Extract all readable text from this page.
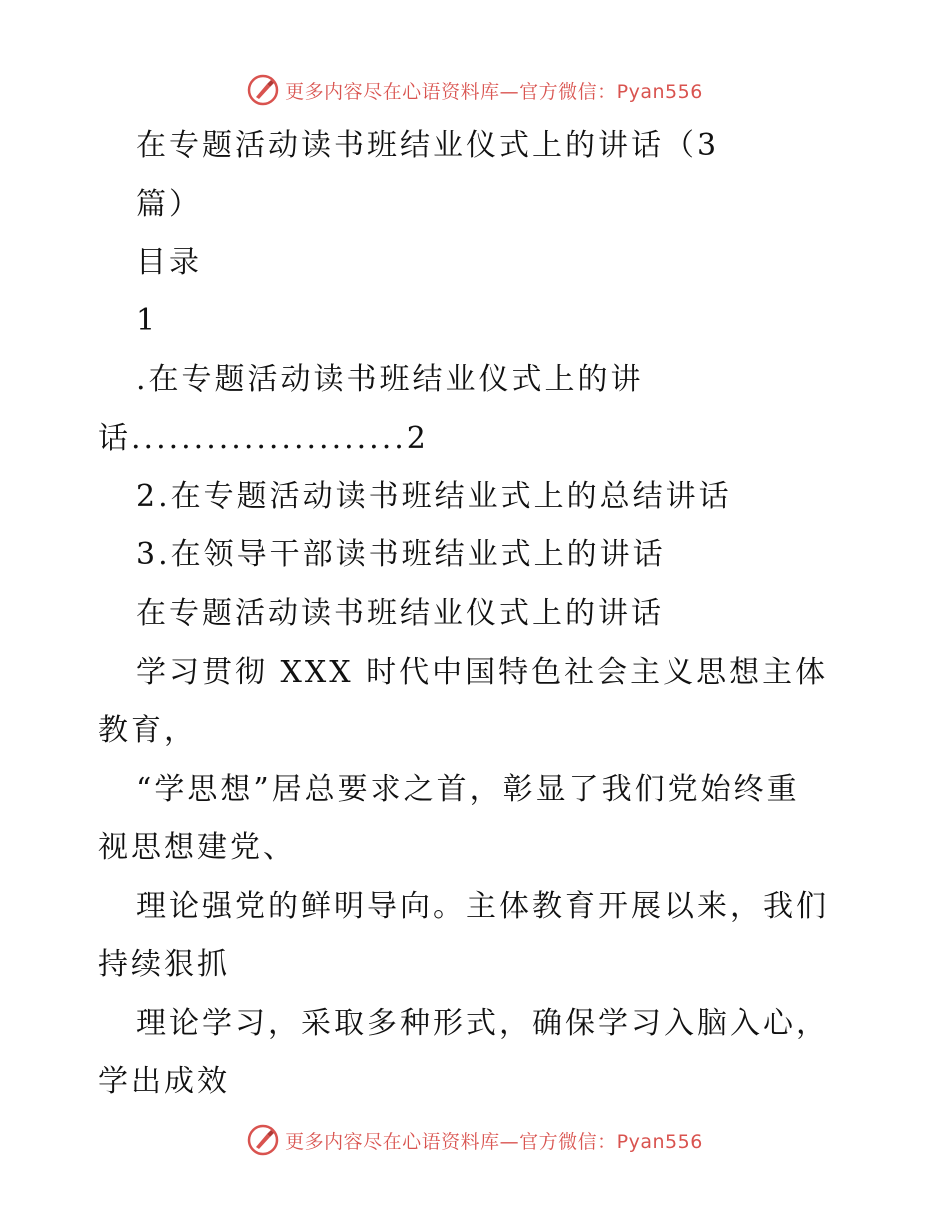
更多内容尽在心语资料库—官方微信：Pyan556
在专题活动读书班结业仪式上的讲话（3
篇）
目录
1
.在专题活动读书班结业仪式上的讲
话......................2
2.在专题活动读书班结业式上的总结讲话
3.在领导干部读书班结业式上的讲话
在专题活动读书班结业仪式上的讲话
学习贯彻 XXX 时代中国特色社会主义思想主体
教育，
“学思想”居总要求之首，彰显了我们党始终重
视思想建党、
理论强党的鲜明导向。主体教育开展以来，我们
持续狠抓
理论学习，采取多种形式，确保学习入脑入心，
学出成效
更多内容尽在心语资料库—官方微信：Pyan556
